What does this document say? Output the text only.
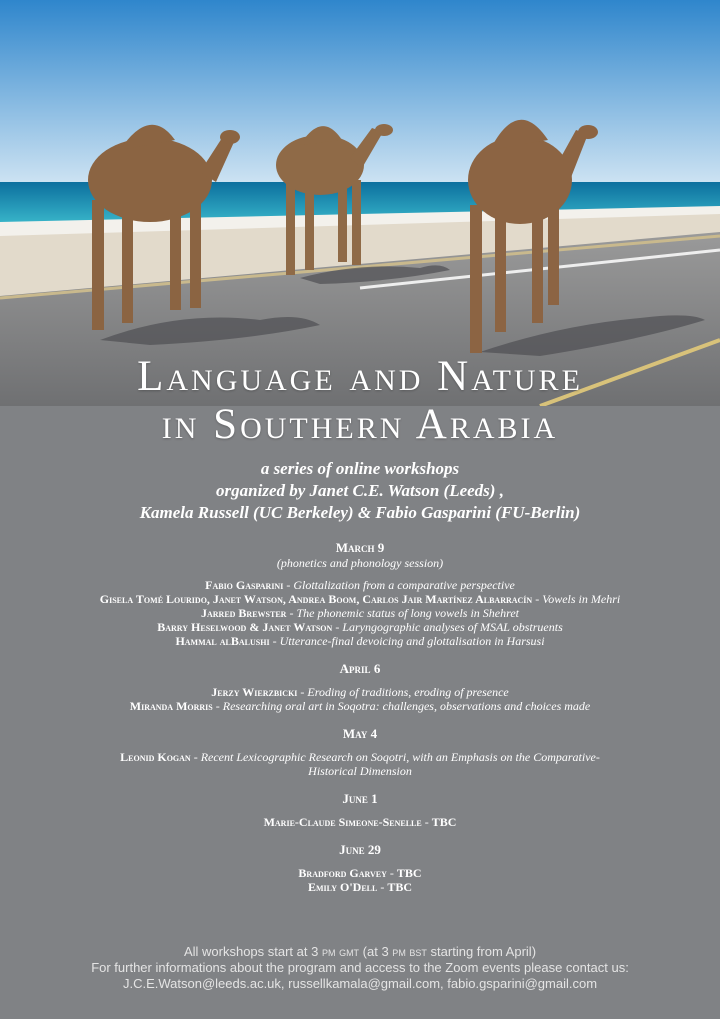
Language and Nature
in Southern Arabia
a series of online workshops
organized by Janet C.E. Watson (Leeds) ,
Kamela Russell (UC Berkeley) & Fabio Gasparini (FU-Berlin)
March 9
(phonetics and phonology session)
Fabio Gasparini - Glottalization from a comparative perspective
Gisela Tomé Lourido, Janet Watson, Andrea Boom, Carlos Jair Martínez Albarracín - Vowels in Mehri
Jarred Brewster - The phonemic status of long vowels in Shehret
Barry Heselwood & Janet Watson - Laryngographic analyses of MSAL obstruents
Hammal alBalushi - Utterance-final devoicing and glottalisation in Harsusi
April 6
Jerzy Wierzbicki - Eroding of traditions, eroding of presence
Miranda Morris - Researching oral art in Soqotra: challenges, observations and choices made
May 4
Leonid Kogan - Recent Lexicographic Research on Soqotri, with an Emphasis on the Comparative-Historical Dimension
June 1
Marie-Claude Simeone-Senelle - TBC
June 29
Bradford Garvey - TBC
Emily O'Dell - TBC
All workshops start at 3 pm gmt (at 3 pm bst starting from April)
For further informations about the program and access to the Zoom events please contact us:
J.C.E.Watson@leeds.ac.uk, russellkamala@gmail.com, fabio.gsparini@gmail.com
